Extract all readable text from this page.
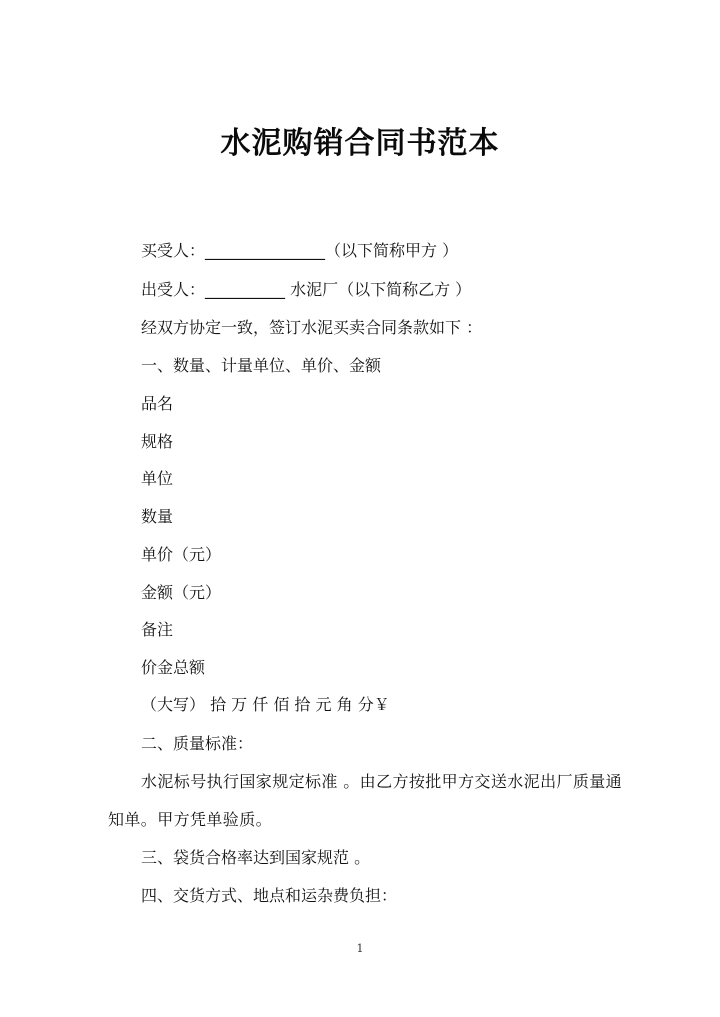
水泥购销合同书范本
买受人：_______________（以下简称甲方 ）
出受人：__________ 水泥厂（以下简称乙方 ）
经双方协定一致，签订水泥买卖合同条款如下 ：
一、数量、计量单位、单价、金额
品名
规格
单位
数量
单价（元）
金额（元）
备注
价金总额
（大写） 拾 万 仟 佰 拾 元 角 分￥
二、质量标准：
水泥标号执行国家规定标准 。由乙方按批甲方交送水泥出厂质量通知单。甲方凭单验质。
三、袋货合格率达到国家规范 。
四、交货方式、地点和运杂费负担：
1
